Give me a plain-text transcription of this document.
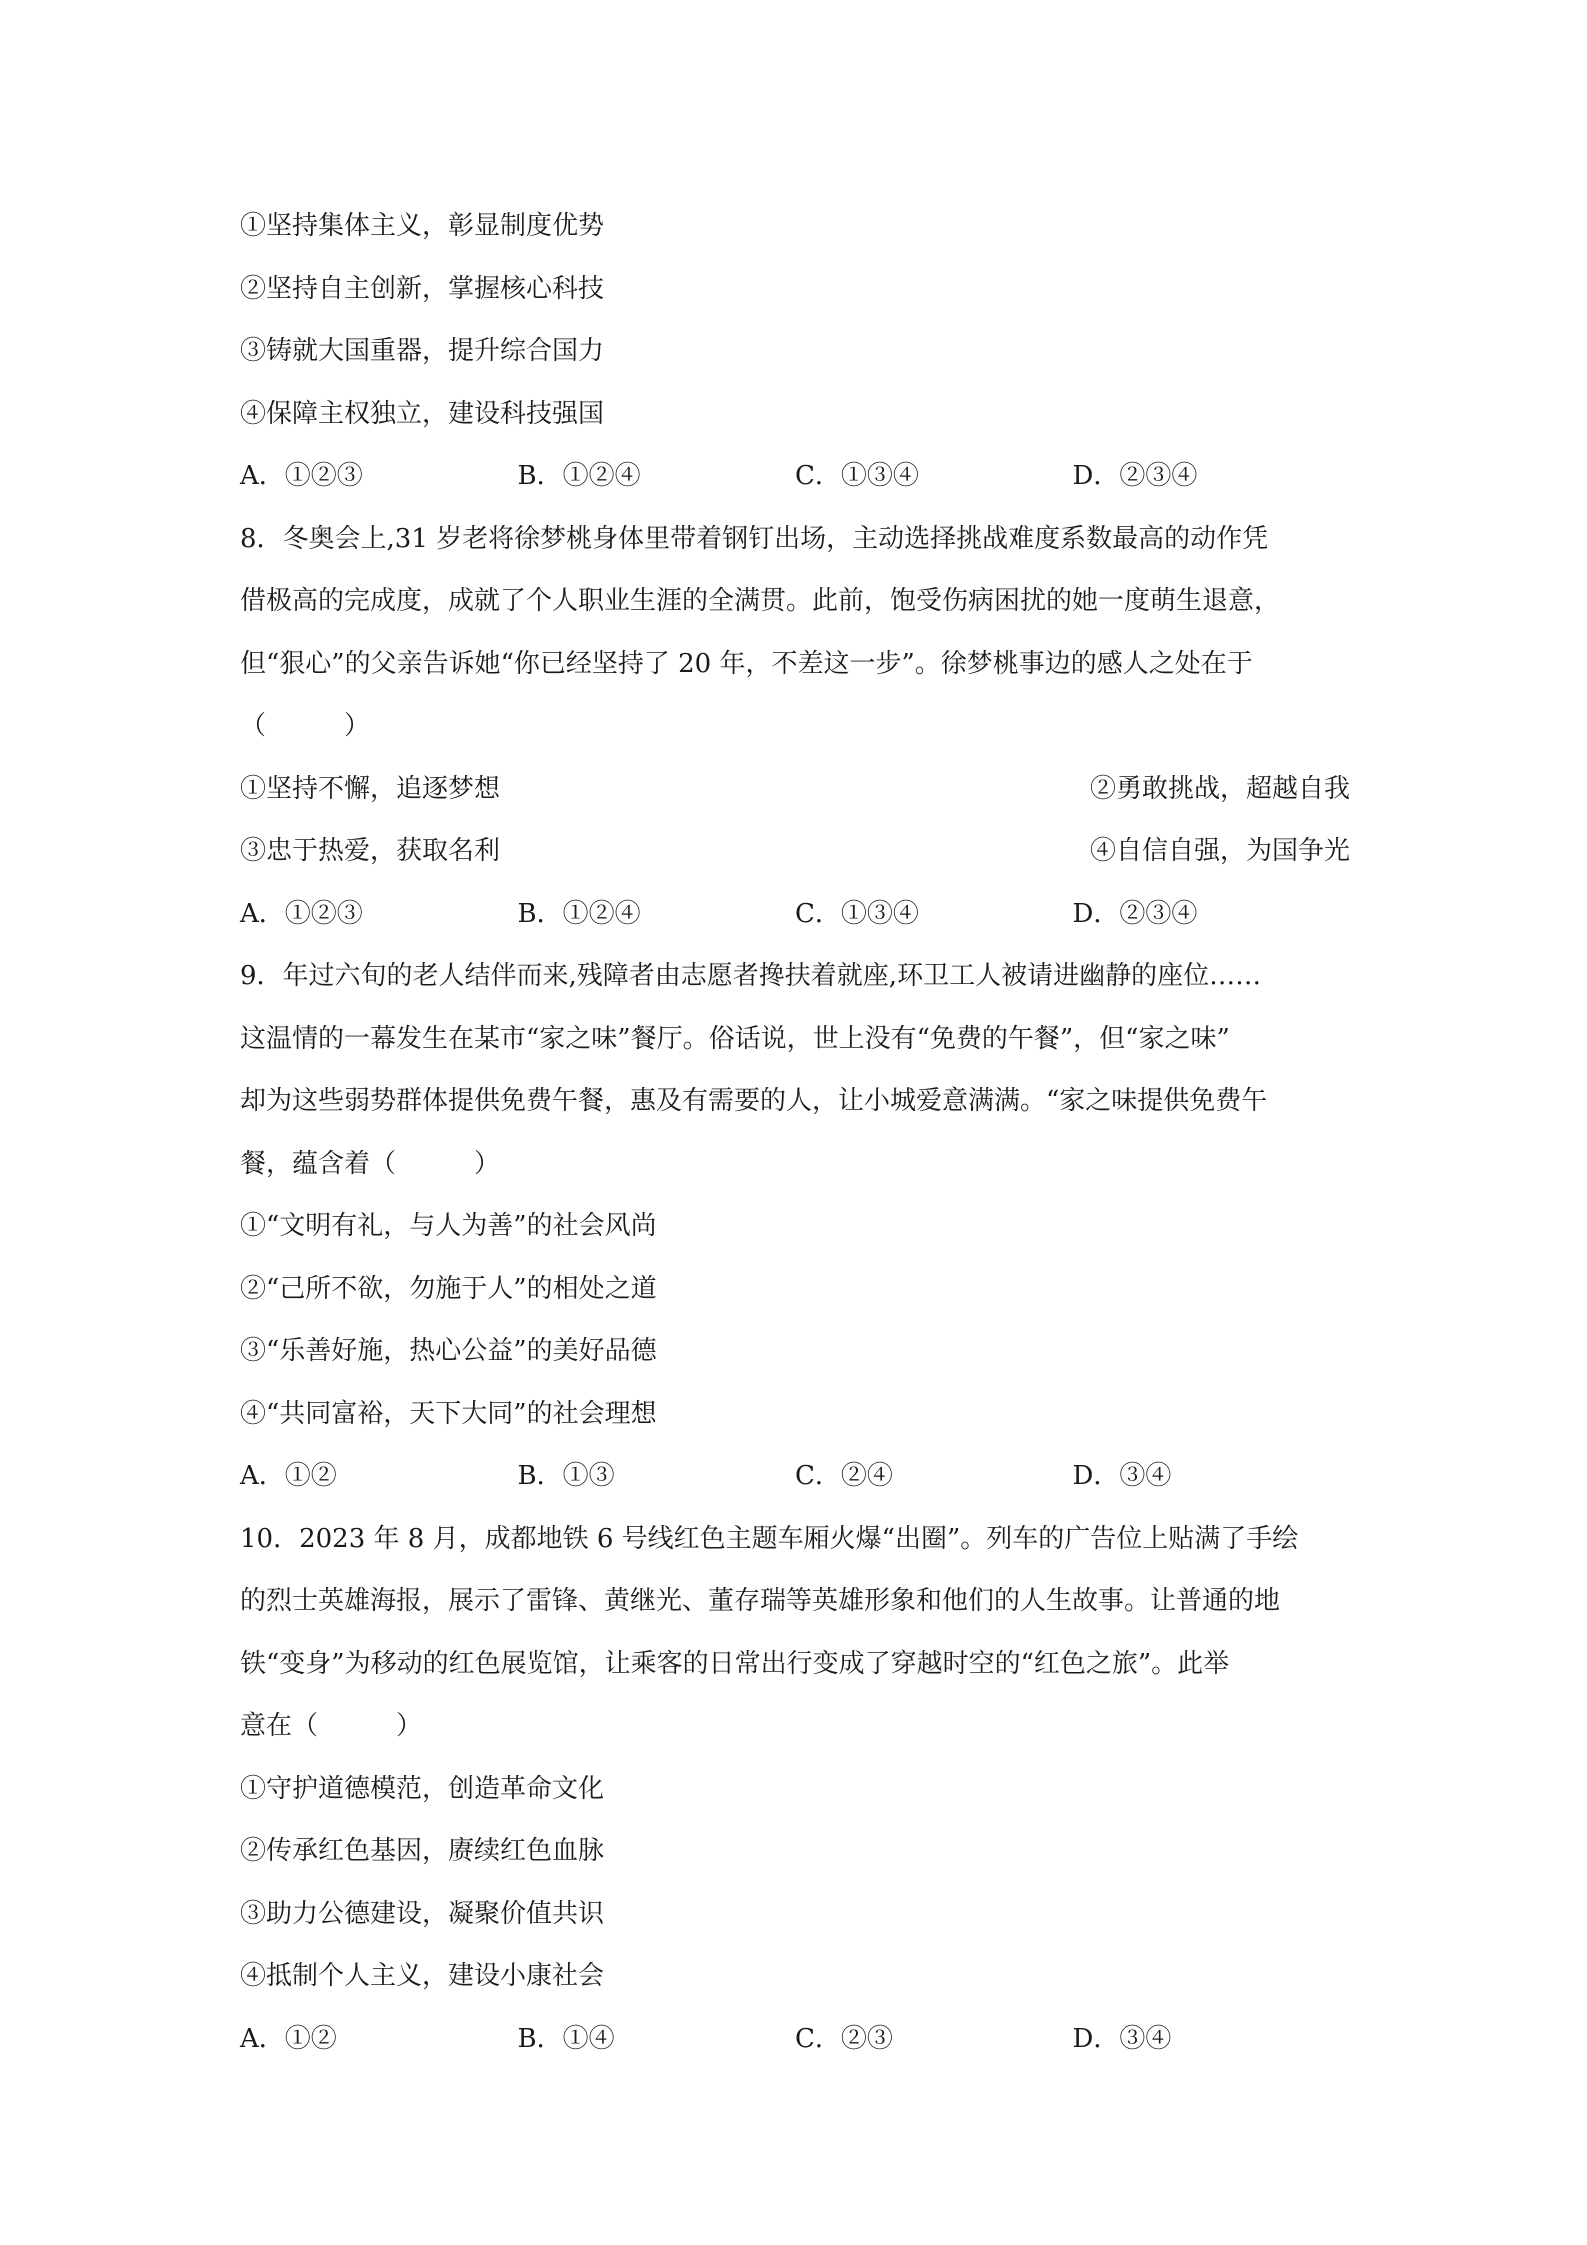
①坚持集体主义，彰显制度优势
②坚持自主创新，掌握核心科技
③铸就大国重器，提升综合国力
④保障主权独立，建设科技强国
A．①②③	B．①②④	C．①③④	D．②③④
8．冬奥会上,31 岁老将徐梦桃身体里带着钢钉出场，主动选择挑战难度系数最高的动作凭
借极高的完成度，成就了个人职业生涯的全满贯。此前，饱受伤病困扰的她一度萌生退意，
但“狠心”的父亲告诉她“你已经坚持了 20 年，不差这一步”。徐梦桃事边的感人之处在于
（　　　）
①坚持不懈，追逐梦想	②勇敢挑战，超越自我
③忠于热爱，获取名利	④自信自强，为国争光
A．①②③	B．①②④	C．①③④	D．②③④
9．年过六旬的老人结伴而来,残障者由志愿者搀扶着就座,环卫工人被请进幽静的座位……
这温情的一幕发生在某市“家之味”餐厅。俗话说，世上没有“免费的午餐”，但“家之味”
却为这些弱势群体提供免费午餐，惠及有需要的人，让小城爱意满满。“家之味提供免费午
餐，蕴含着（　　　）
①“文明有礼，与人为善”的社会风尚
②“己所不欲，勿施于人”的相处之道
③“乐善好施，热心公益”的美好品德
④“共同富裕，天下大同”的社会理想
A．①②	B．①③	C．②④	D．③④
10．2023 年 8 月，成都地铁 6 号线红色主题车厢火爆“出圈”。列车的广告位上贴满了手绘
的烈士英雄海报，展示了雷锋、黄继光、董存瑞等英雄形象和他们的人生故事。让普通的地
铁“变身”为移动的红色展览馆，让乘客的日常出行变成了穿越时空的“红色之旅”。此举
意在（　　　）
①守护道德模范，创造革命文化
②传承红色基因，赓续红色血脉
③助力公德建设，凝聚价值共识
④抵制个人主义，建设小康社会
A．①②	B．①④	C．②③	D．③④
